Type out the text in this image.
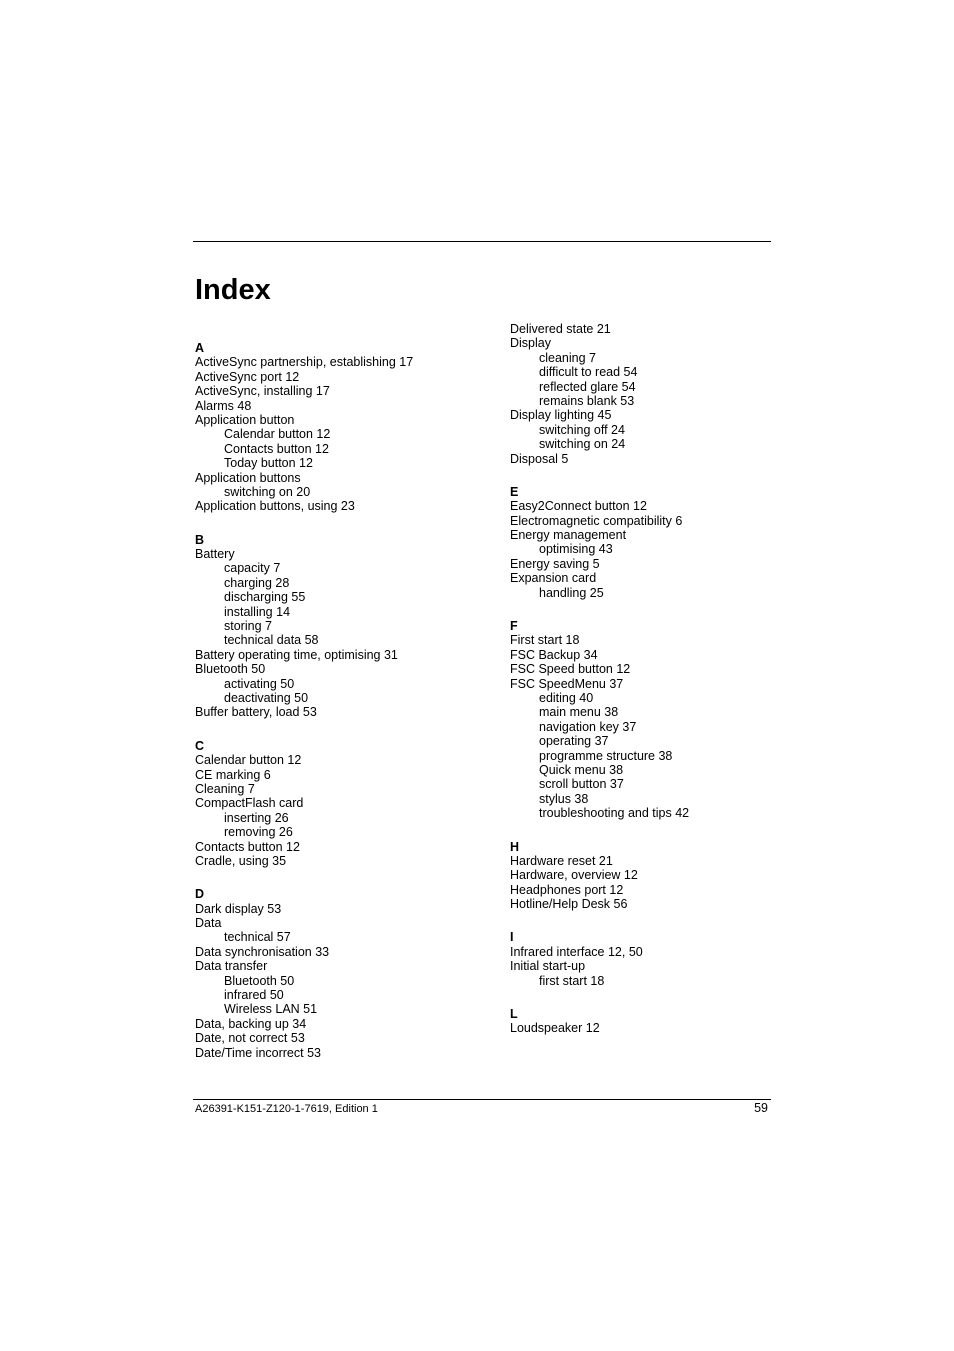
Index
A
ActiveSync partnership, establishing 17
ActiveSync port 12
ActiveSync, installing 17
Alarms 48
Application button
Calendar button 12
Contacts button 12
Today button 12
Application buttons
switching on 20
Application buttons, using 23
B
Battery
capacity 7
charging 28
discharging 55
installing 14
storing 7
technical data 58
Battery operating time, optimising 31
Bluetooth 50
activating 50
deactivating 50
Buffer battery, load 53
C
Calendar button 12
CE marking 6
Cleaning 7
CompactFlash card
inserting 26
removing 26
Contacts button 12
Cradle, using 35
D
Dark display 53
Data
technical 57
Data synchronisation 33
Data transfer
Bluetooth 50
infrared 50
Wireless LAN 51
Data, backing up 34
Date, not correct 53
Date/Time incorrect 53
Delivered state 21
Display
cleaning 7
difficult to read 54
reflected glare 54
remains blank 53
Display lighting 45
switching off 24
switching on 24
Disposal 5
E
Easy2Connect button 12
Electromagnetic compatibility 6
Energy management
optimising 43
Energy saving 5
Expansion card
handling 25
F
First start 18
FSC Backup 34
FSC Speed button 12
FSC SpeedMenu 37
editing 40
main menu 38
navigation key 37
operating 37
programme structure 38
Quick menu 38
scroll button 37
stylus 38
troubleshooting and tips 42
H
Hardware reset 21
Hardware, overview 12
Headphones port 12
Hotline/Help Desk 56
I
Infrared interface 12, 50
Initial start-up
first start 18
L
Loudspeaker 12
A26391-K151-Z120-1-7619, Edition 1	59
